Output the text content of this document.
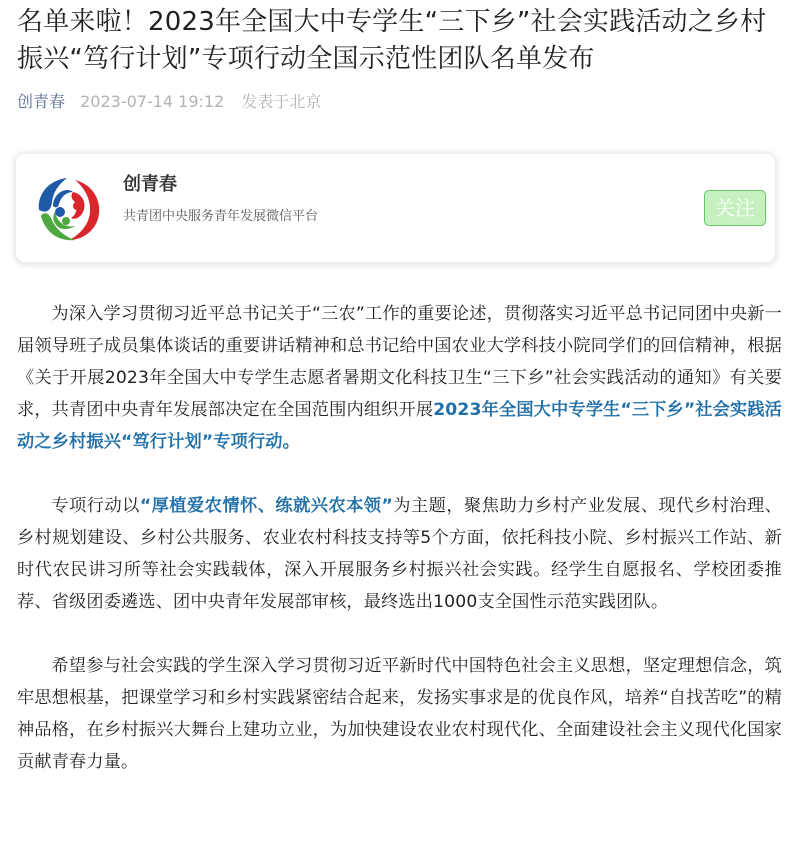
名单来啦！2023年全国大中专学生“三下乡”社会实践活动之乡村振兴“笃行计划”专项行动全国示范性团队名单发布
创青春 2023-07-14 19:12 发表于北京
创青春
共青团中央服务青年发展微信平台	关注

为深入学习贯彻习近平总书记关于“三农”工作的重要论述，贯彻落实习近平总书记同团中央新一届领导班子成员集体谈话的重要讲话精神和总书记给中国农业大学科技小院同学们的回信精神，根据《关于开展2023年全国大中专学生志愿者暑期文化科技卫生“三下乡”社会实践活动的通知》有关要求，共青团中央青年发展部决定在全国范围内组织开展2023年全国大中专学生“三下乡”社会实践活动之乡村振兴“笃行计划”专项行动。

专项行动以“厚植爱农情怀、练就兴农本领”为主题，聚焦助力乡村产业发展、现代乡村治理、乡村规划建设、乡村公共服务、农业农村科技支持等5个方面，依托科技小院、乡村振兴工作站、新时代农民讲习所等社会实践载体，深入开展服务乡村振兴社会实践。经学生自愿报名、学校团委推荐、省级团委遴选、团中央青年发展部审核，最终选出1000支全国性示范实践团队。

希望参与社会实践的学生深入学习贯彻习近平新时代中国特色社会主义思想，坚定理想信念，筑牢思想根基，把课堂学习和乡村实践紧密结合起来，发扬实事求是的优良作风，培养“自找苦吃”的精神品格，在乡村振兴大舞台上建功立业，为加快建设农业农村现代化、全面建设社会主义现代化国家贡献青春力量。
